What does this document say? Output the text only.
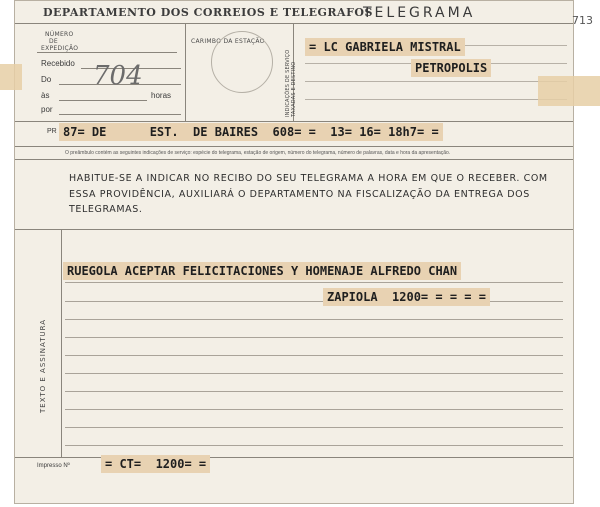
DEPARTAMENTO DOS CORREIOS E TELEGRAFOS
TELEGRAMA
NÚMERO
DE
EXPEDIÇÃO
Recebido
Do
às	horas
por
704
CARIMBO DA ESTAÇÃO
INDICAÇÕES DE SERVIÇO TAXADAS E DESTINO
= LC GABRIELA MISTRAL
PETROPOLIS
PR 87= DE      EST.  DE BAIRES  608= =  13= 16= 18h7= =
O preâmbulo contém as seguintes indicações de serviço: espécie do telegrama, estação de origem, número do telegrama, número de palavras, data e hora da apresentação.
HABITUE-SE A INDICAR NO RECIBO DO SEU TELEGRAMA A HORA EM QUE O RECEBER. COM ESSA PROVIDÊNCIA, AUXILIARÁ O DEPARTAMENTO NA FISCALIZAÇÃO DA ENTREGA DOS TELEGRAMAS.
TEXTO E ASSINATURA
RUEGOLA ACEPTAR FELICITACIONES Y HOMENAJE ALFREDO CHAN
ZAPIOLA  1200= = = = =
Impresso Nº	= CT=  1200= =
713
